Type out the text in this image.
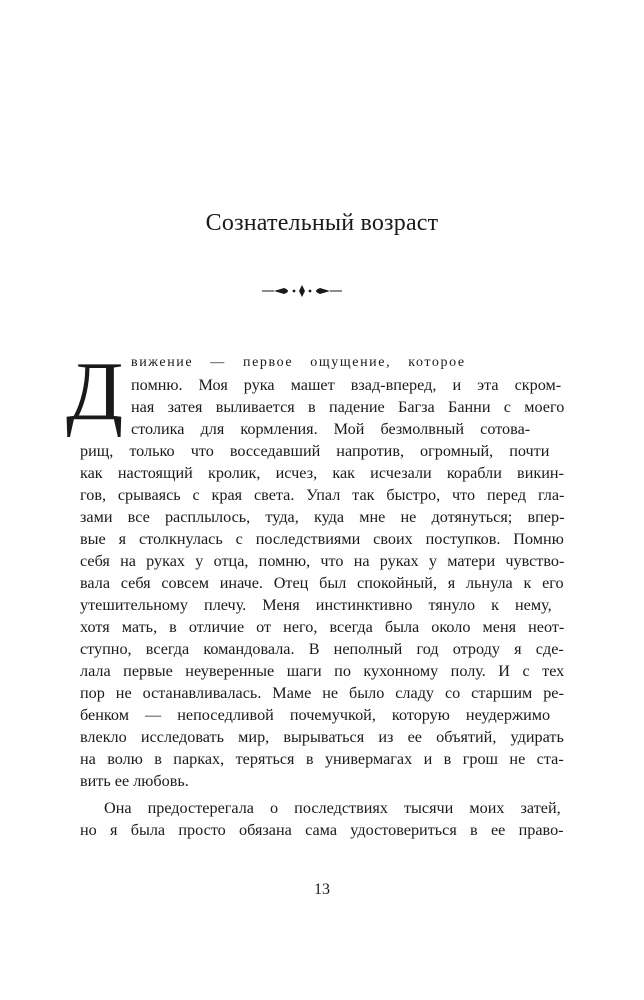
Сознательный возраст
Д вижение — первое ощущение, которое
помню. Моя рука машет взад-вперед, и эта скром-
ная затея выливается в падение Багза Банни с моего
столика для кормления. Мой безмолвный сотова-
рищ, только что восседавший напротив, огромный, почти
как настоящий кролик, исчез, как исчезали корабли викин-
гов, срываясь с края света. Упал так быстро, что перед гла-
зами все расплылось, туда, куда мне не дотянуться; впер-
вые я столкнулась с последствиями своих поступков. Помню
себя на руках у отца, помню, что на руках у матери чувство-
вала себя совсем иначе. Отец был спокойный, я льнула к его
утешительному плечу. Меня инстинктивно тянуло к нему,
хотя мать, в отличие от него, всегда была около меня неот-
ступно, всегда командовала. В неполный год отроду я сде-
лала первые неуверенные шаги по кухонному полу. И с тех
пор не останавливалась. Маме не было сладу со старшим ре-
бенком — непоседливой почемучкой, которую неудержимо
влекло исследовать мир, вырываться из ее объятий, удирать
на волю в парках, теряться в универмагах и в грош не ста-
вить ее любовь.
Она предостерегала о последствиях тысячи моих затей,
но я была просто обязана сама удостовериться в ее право-
13
